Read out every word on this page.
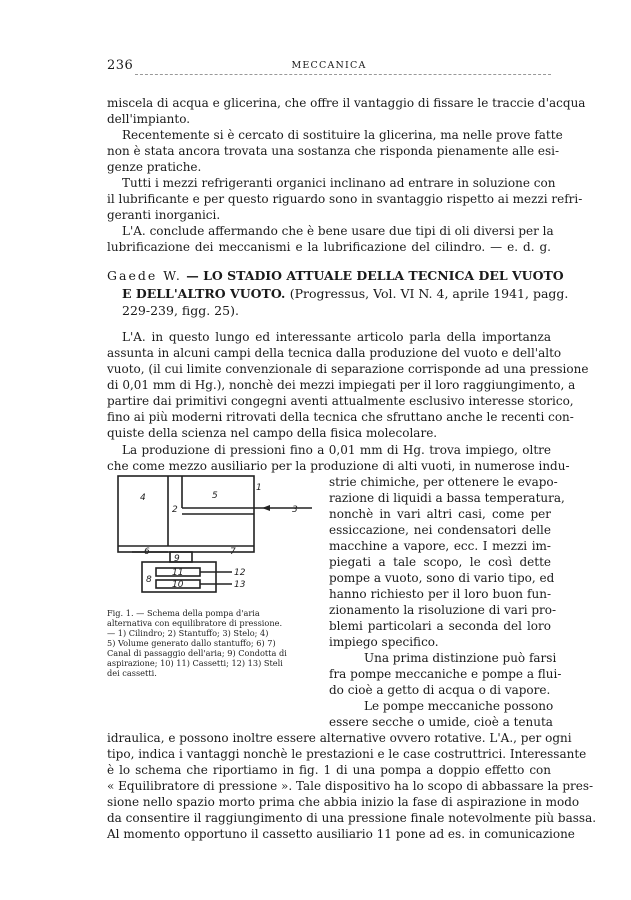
236	MECCANICA
miscela di acqua e glicerina, che offre il vantaggio di fissare le traccie d'acqua
dell'impianto.
Recentemente si è cercato di sostituire la glicerina, ma nelle prove fatte
non è stata ancora trovata una sostanza che risponda pienamente alle esi-
genze pratiche.
Tutti i mezzi refrigeranti organici inclinano ad entrare in soluzione con
il lubrificante e per questo riguardo sono in svantaggio rispetto ai mezzi refri-
geranti inorganici.
L'A. conclude affermando che è bene usare due tipi di oli diversi per la
lubrificazione dei meccanismi e la lubrificazione del cilindro. — e. d. g.
Gaede W. — LO STADIO ATTUALE DELLA TECNICA DEL VUOTO
E DELL'ALTRO VUOTO. (Progressus, Vol. VI N. 4, aprile 1941, pagg.
229-239, figg. 25).
L'A. in questo lungo ed interessante articolo parla della importanza
assunta in alcuni campi della tecnica dalla produzione del vuoto e dell'alto
vuoto, (il cui limite convenzionale di separazione corrisponde ad una pressione
di 0,01 mm di Hg.), nonchè dei mezzi impiegati per il loro raggiungimento, a
partire dai primitivi congegni aventi attualmente esclusivo interesse storico,
fino ai più moderni ritrovati della tecnica che sfruttano anche le recenti con-
quiste della scienza nel campo della fisica molecolare.
La produzione di pressioni fino a 0,01 mm di Hg. trova impiego, oltre
che come mezzo ausiliario per la produzione di alti vuoti, in numerose indu-
4
2
5
1
3
6	7
9
10
11
8
12
13
Fig. 1. — Schema della pompa d'aria
alternativa con equilibratore di pressione.
— 1) Cilindro; 2) Stantuffo; 3) Stelo; 4)
5) Volume generato dallo stantuffo; 6) 7)
Canal di passaggio dell'aria; 9) Condotta di
aspirazione; 10) 11) Cassetti; 12) 13) Steli
dei cassetti.
strie chimiche, per ottenere le evapo-
razione di liquidi a bassa temperatura,
nonchè in vari altri casi, come per
essiccazione, nei condensatori delle
macchine a vapore, ecc. I mezzi im-
piegati a tale scopo, le così dette
pompe a vuoto, sono di vario tipo, ed
hanno richiesto per il loro buon fun-
zionamento la risoluzione di vari pro-
blemi particolari a seconda del loro
impiego specifico.
Una prima distinzione può farsi
fra pompe meccaniche e pompe a flui-
do cioè a getto di acqua o di vapore.
Le pompe meccaniche possono
essere secche o umide, cioè a tenuta
idraulica, e possono inoltre essere alternative ovvero rotative. L'A., per ogni
tipo, indica i vantaggi nonchè le prestazioni e le case costruttrici. Interessante
è lo schema che riportiamo in fig. 1 di una pompa a doppio effetto con
« Equilibratore di pressione ». Tale dispositivo ha lo scopo di abbassare la pres-
sione nello spazio morto prima che abbia inizio la fase di aspirazione in modo
da consentire il raggiungimento di una pressione finale notevolmente più bassa.
Al momento opportuno il cassetto ausiliario 11 pone ad es. in comunicazione
